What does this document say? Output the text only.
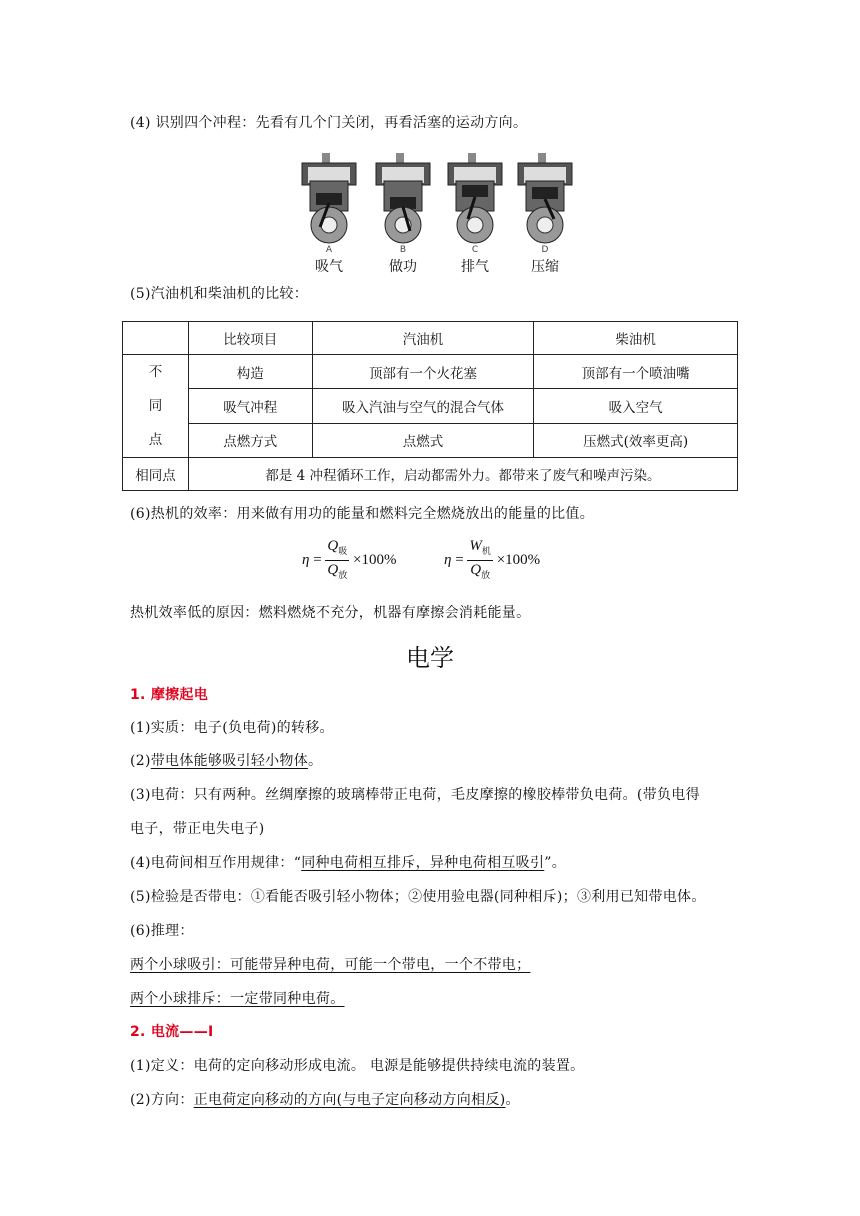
(4) 识别四个冲程：先看有几个门关闭，再看活塞的运动方向。
A
吸气
B
做功
C
排气
D
压缩
(5)汽油机和柴油机的比较：
	比较项目	汽油机	柴油机

不
同
点	构造	顶部有一个火花塞	顶部有一个喷油嘴
	吸气冲程	吸入汽油与空气的混合气体	吸入空气
	点燃方式	点燃式	压燃式(效率更高)
相同点	都是 4 冲程循环工作，启动都需外力。都带来了废气和噪声污染。		
(6)热机的效率：用来做有用功的能量和燃料完全燃烧放出的能量的比值。
$\eta = \frac{Q_吸}{Q_放} \times 100\%$	$\eta = \frac{W_机}{Q_放} \times 100\%$
热机效率低的原因：燃料燃烧不充分，机器有摩擦会消耗能量。
电学
1. 摩擦起电
(1)实质：电子(负电荷)的转移。
(2)带电体能够吸引轻小物体。
(3)电荷：只有两种。丝绸摩擦的玻璃棒带正电荷，毛皮摩擦的橡胶棒带负电荷。(带负电得
电子，带正电失电子)
(4)电荷间相互作用规律：“同种电荷相互排斥，异种电荷相互吸引”。
(5)检验是否带电：①看能否吸引轻小物体；②使用验电器(同种相斥)；③利用已知带电体。
(6)推理：
两个小球吸引：可能带异种电荷，可能一个带电，一个不带电；
两个小球排斥：一定带同种电荷。
2. 电流——I
(1)定义：电荷的定向移动形成电流。 电源是能够提供持续电流的装置。
(2)方向：正电荷定向移动的方向(与电子定向移动方向相反)。
